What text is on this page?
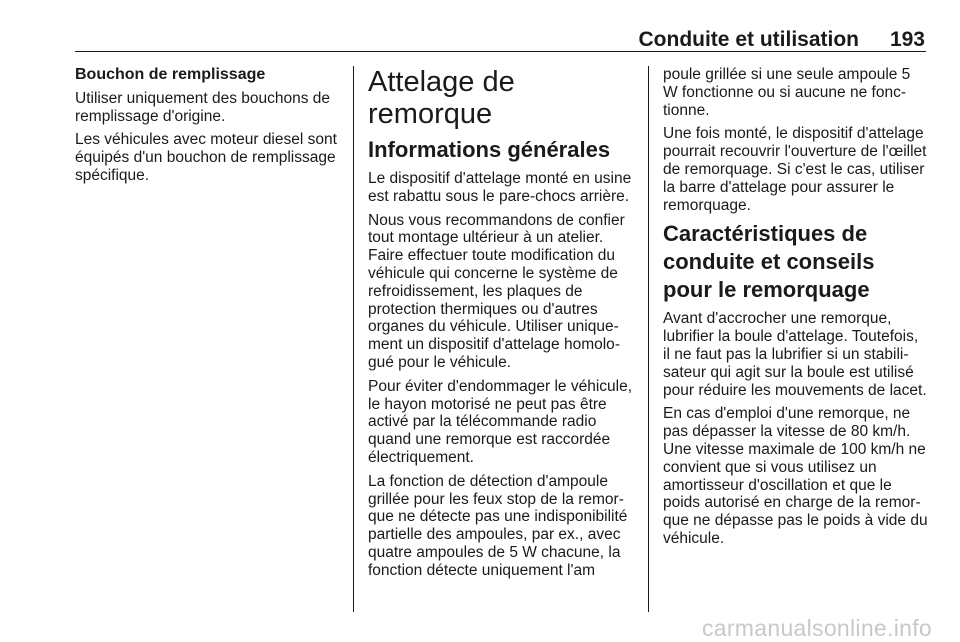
Conduite et utilisation 193

Bouchon de remplissage

Utiliser uniquement des bouchons de remplissage d'origine.

Les véhicules avec moteur diesel sont équipés d'un bouchon de remplissage spécifique.

Attelage de remorque

Informations générales

Le dispositif d'attelage monté en usine est rabattu sous le pare-chocs arrière.

Nous vous recommandons de confier tout montage ultérieur à un atelier. Faire effectuer toute modification du véhicule qui concerne le système de refroidissement, les plaques de protection thermiques ou d'autres organes du véhicule. Utiliser uniquement un dispositif d'attelage homologué pour le véhicule.

Pour éviter d'endommager le véhicule, le hayon motorisé ne peut pas être activé par la télécommande radio quand une remorque est raccordée électriquement.

La fonction de détection d'ampoule grillée pour les feux stop de la remorque ne détecte pas une indisponibilité partielle des ampoules, par ex., avec quatre ampoules de 5 W chacune, la fonction détecte uniquement l'am

poule grillée si une seule ampoule 5 W fonctionne ou si aucune ne fonctionne.

Une fois monté, le dispositif d'attelage pourrait recouvrir l'ouverture de l'œillet de remorquage. Si c'est le cas, utiliser la barre d'attelage pour assurer le remorquage.

Caractéristiques de conduite et conseils pour le remorquage

Avant d'accrocher une remorque, lubrifier la boule d'attelage. Toutefois, il ne faut pas la lubrifier si un stabilisateur qui agit sur la boule est utilisé pour réduire les mouvements de lacet.

En cas d'emploi d'une remorque, ne pas dépasser la vitesse de 80 km/h. Une vitesse maximale de 100 km/h ne convient que si vous utilisez un amortisseur d'oscillation et que le poids autorisé en charge de la remorque ne dépasse pas le poids à vide du véhicule.

carmanualsonline.info
